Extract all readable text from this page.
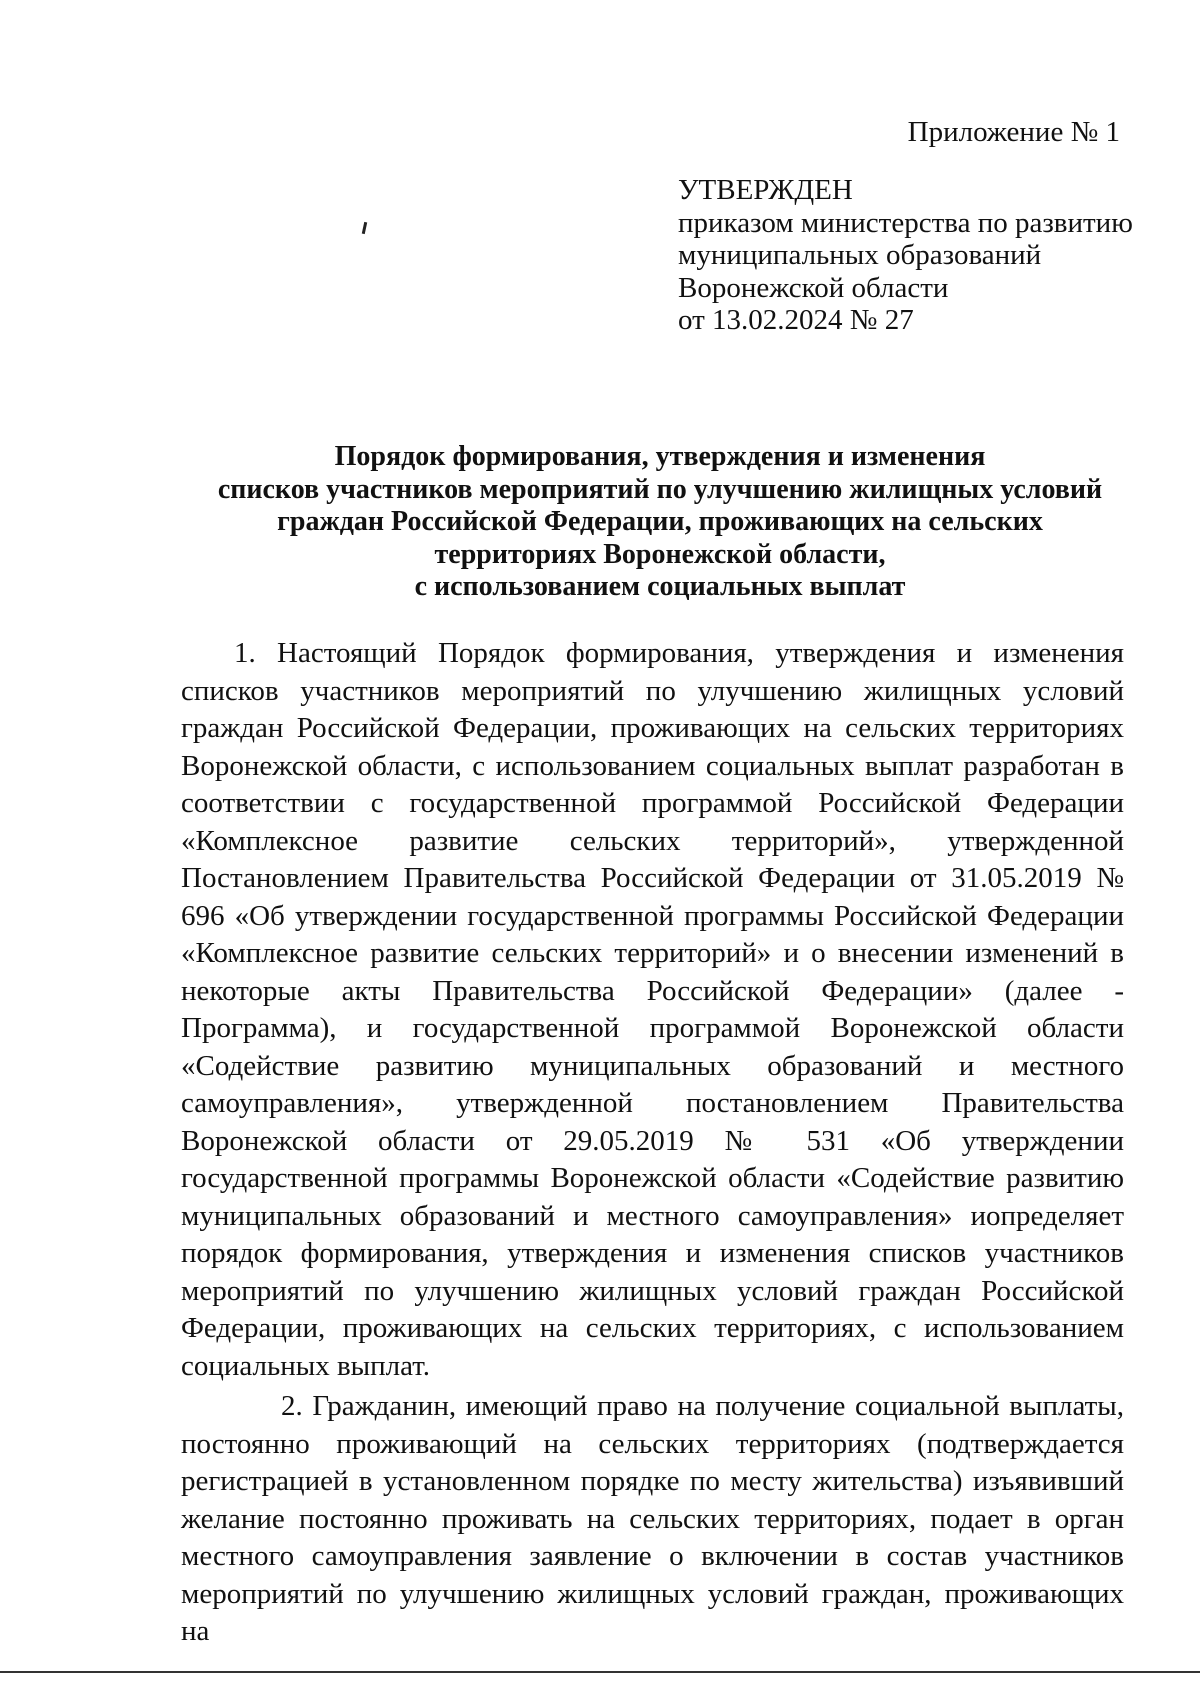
Приложение № 1
УТВЕРЖДЕН
приказом министерства по развитию
муниципальных образований
Воронежской области
от 13.02.2024 № 27
Порядок формирования, утверждения и изменения
списков участников мероприятий по улучшению жилищных условий
граждан Российской Федерации, проживающих на сельских
территориях Воронежской области,
с использованием социальных выплат

1. Настоящий Порядок формирования, утверждения и изменения списков участников мероприятий по улучшению жилищных условий граждан Российской Федерации, проживающих на сельских территориях Воронежской области, с использованием социальных выплат разработан в соответствии с государственной программой Российской Федерации «Комплексное развитие сельских территорий», утвержденной Постановлением Правительства Российской Федерации от 31.05.2019 № 696 «Об утверждении государственной программы Российской Федерации «Комплексное развитие сельских территорий» и о внесении изменений в некоторые акты Правительства Российской Федерации» (далее - Программа), и государственной программой Воронежской области «Содействие развитию муниципальных образований и местного самоуправления», утвержденной постановлением Правительства Воронежской области от 29.05.2019 № 531 «Об утверждении государственной программы Воронежской области «Содействие развитию муниципальных образований и местного самоуправления» иопределяет порядок формирования, утверждения и изменения списков участников мероприятий по улучшению жилищных условий граждан Российской Федерации, проживающих на сельских территориях, с использованием социальных выплат.

2. Гражданин, имеющий право на получение социальной выплаты, постоянно проживающий на сельских территориях (подтверждается регистрацией в установленном порядке по месту жительства) изъявивший желание постоянно проживать на сельских территориях, подает в орган местного самоуправления заявление о включении в состав участников мероприятий по улучшению жилищных условий граждан, проживающих на
